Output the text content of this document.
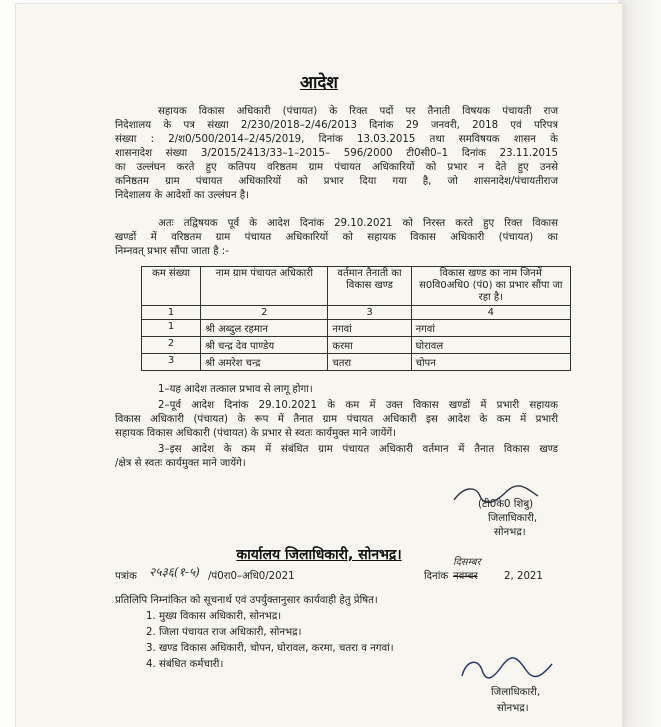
आदेश
सहायक विकास अधिकारी (पंचायत) के रिक्त पदों पर तैनाती विषयक पंचायती राज
निदेशालय के पत्र संख्या 2/230/2018–2/46/2013 दिनांक 29 जनवरी, 2018 एवं परिपत्र
संख्या : 2/श0/500/2014–2/45/2019, दिनांक 13.03.2015 तथा समविषयक शासन के
शासनादेश संख्या 3/2015/2413/33–1–2015– 596/2000 टी0सी0–1 दिनांक 23.11.2015
का उल्लंघन करते हुए कतिपय वरिष्ठतम ग्राम पंचायत अधिकारियों को प्रभार न देते हुए उनसे
कनिष्ठतम ग्राम पंचायत अधिकारियों को प्रभार दिया गया है, जो शासनादेश/पंचायतीराज
निदेशालय के आदेशों का उल्लंघन है।
अतः तद्विषयक पूर्व के आदेश दिनांक 29.10.2021 को निरस्त करते हुए रिक्त विकास
खण्डों में वरिष्ठतम ग्राम पंचायत अधिकारियों को सहायक विकास अधिकारी (पंचायत) का
निम्नवत् प्रभार सौंपा जाता है :-
कम संख्या	नाम ग्राम पंचायत अधिकारी	वर्तमान तैनाती का विकास खण्ड	विकास खण्ड का नाम जिनमें स0वि0अधि0 (पं0) का प्रभार सौंपा जा रहा है।
1	2	3	4
1	श्री अब्दुल रहमान	नगवां	नगवां
2	श्री चन्द्र देव पाण्डेय	करमा	घोरावल
3	श्री अमरेश चन्द्र	चतरा	चोपन
1–यह आदेश तत्काल प्रभाव से लागू होगा।
2–पूर्व आदेश दिनांक 29.10.2021 के कम में उक्त विकास खण्डों में प्रभारी सहायक
विकास अधिकारी (पंचायत) के रूप में तैनात ग्राम पंचायत अधिकारी इस आदेश के कम में प्रभारी
सहायक विकास अधिकारी (पंचायत) के प्रभार से स्वतः कार्यमुक्त माने जायेंगें।
3–इस आदेश के कम में संबंधित ग्राम पंचायत अधिकारी वर्तमान में तैनात विकास खण्ड
/क्षेत्र से स्वतः कार्यमुक्त माने जायेंगे।
(टी0के0 शिबु)
जिलाधिकारी,
सोनभद्र।
कार्यालय जिलाधिकारी, सोनभद्र।
पत्रांक २५३६(१-५) /पं0रा0–अधि0/2021	दिनांक
दिसम्बर
नवम्बर	2, 2021
प्रतिलिपि निम्नांकित को सूचनार्थ एवं उपर्युक्तानुसार कार्यवाही हेतु प्रेषित।
1. मुख्य विकास अधिकारी, सोनभद्र।
2. जिला पंचायत राज अधिकारी, सोनभद्र।
3. खण्ड विकास अधिकारी, चोपन, घोरावल, करमा, चतरा व नगवां।
4. संबंधित कर्मचारी।
जिलाधिकारी,
सोनभद्र।
